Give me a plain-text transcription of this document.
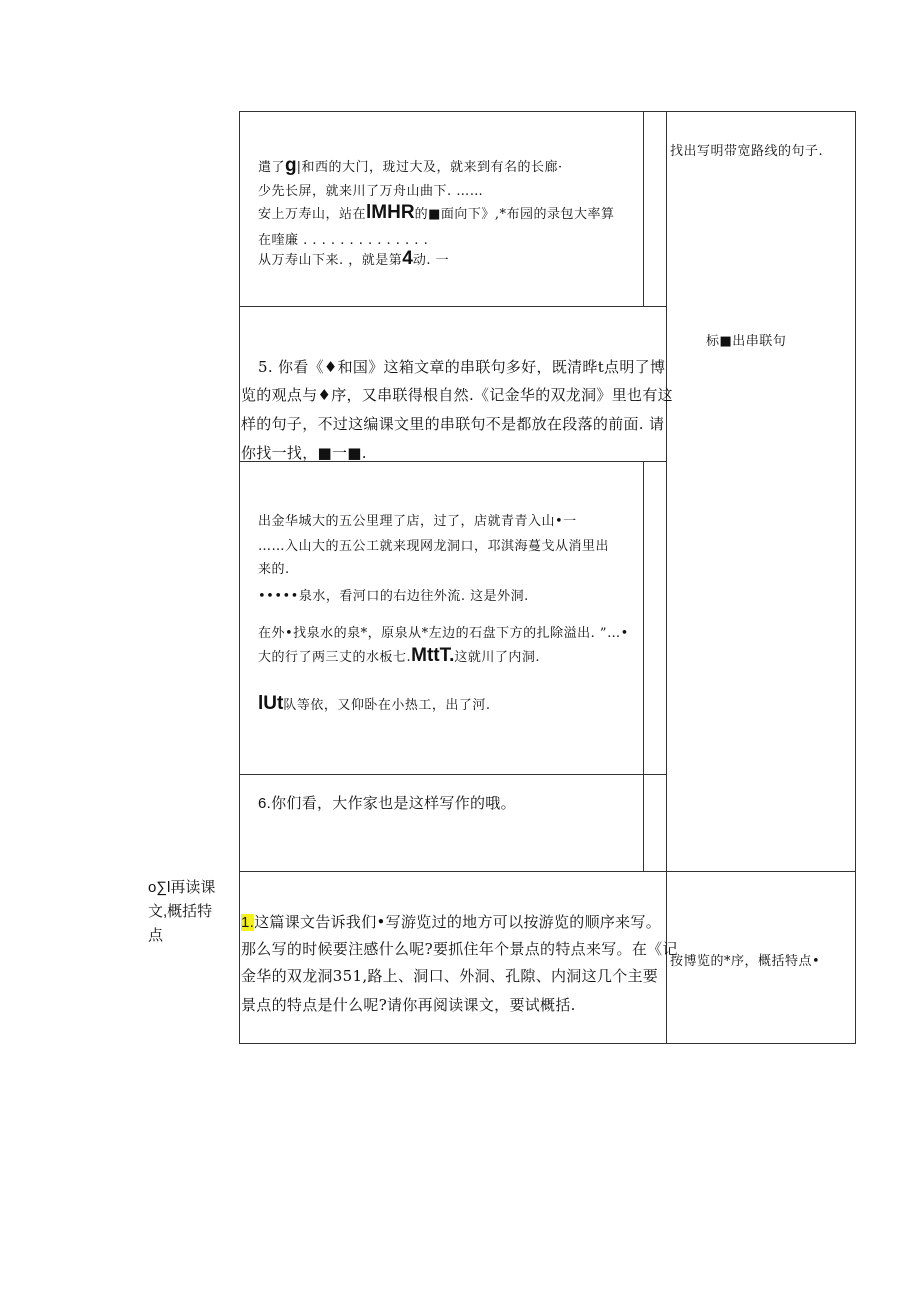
o∑l再读课
文,概括特
点
遣了g|和西的大门，珑过大及，就来到有名的长廊·
少先长屏，就来川了万舟山曲下. ……
安上万寿山，站在lMHR的■面向下》,*布园的录包大率算
在喹廉 . . . . . . . . . . . . . .
从万寿山下来. ，就是第4动. 一
5. 你看《♦和国》这箱文章的串联句多好，既清晔t点明了博
览的观点与♦序，又串联得根自然.《记金华的双龙洞》里也有这
样的句子，不过这编课文里的串联句不是都放在段落的前面. 请
你找一找，■一■.
出金华城大的五公里理了店，过了，店就青青入山•一
……入山大的五公工就来现网龙洞口，邛淇海蔓戈从消里出
来的.
•••••泉水，看河口的右边往外流. 这是外洞.
在外•找泉水的泉*，原泉从*左边的石盘下方的扎除溢出. ”…•
大的行了两三丈的水板七.MttT.这就川了内洞.
lUt队等依，又仰卧在小热工，出了河.
6.你们看，大作家也是这样写作的哦。
1.这篇课文告诉我们•写游览过的地方可以按游览的顺序来写。
那么写的时候要注感什么呢?要抓住年个景点的特点来写。在《记
金华的双龙洞351,路上、洞口、外洞、孔隙、内洞这几个主要
景点的特点是什么呢?请你再阅读课文，要试概括.
找出写明带宽路线的句子.
标■出串联句
按博览的*序，概括特点•
